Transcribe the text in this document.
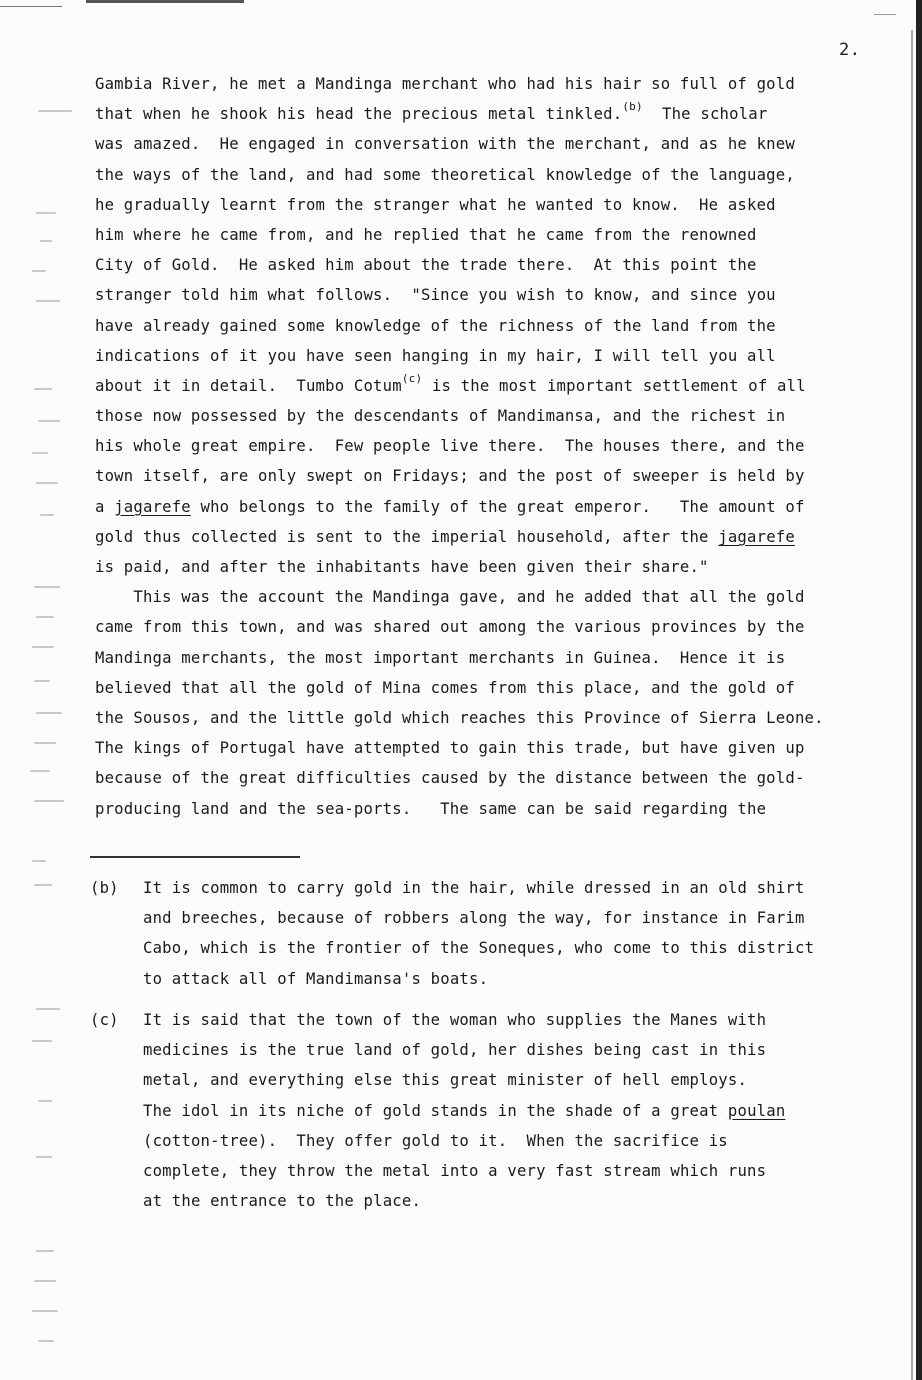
2.
Gambia River, he met a Mandinga merchant who had his hair so full of gold
that when he shook his head the precious metal tinkled.$^{(b)}$  The scholar
was amazed.  He engaged in conversation with the merchant, and as he knew
the ways of the land, and had some theoretical knowledge of the language,
he gradually learnt from the stranger what he wanted to know.  He asked
him where he came from, and he replied that he came from the renowned
City of Gold.  He asked him about the trade there.  At this point the
stranger told him what follows.  "Since you wish to know, and since you
have already gained some knowledge of the richness of the land from the
indications of it you have seen hanging in my hair, I will tell you all
about it in detail.  Tumbo Cotum$^{(c)}$ is the most important settlement of all
those now possessed by the descendants of Mandimansa, and the richest in
his whole great empire.  Few people live there.  The houses there, and the
town itself, are only swept on Fridays; and the post of sweeper is held by
a jagarefe who belongs to the family of the great emperor.   The amount of
gold thus collected is sent to the imperial household, after the jagarefe
is paid, and after the inhabitants have been given their share."
This was the account the Mandinga gave, and he added that all the gold
came from this town, and was shared out among the various provinces by the
Mandinga merchants, the most important merchants in Guinea.  Hence it is
believed that all the gold of Mina comes from this place, and the gold of
the Sousos, and the little gold which reaches this Province of Sierra Leone.
The kings of Portugal have attempted to gain this trade, but have given up
because of the great difficulties caused by the distance between the gold-
producing land and the sea-ports.   The same can be said regarding the
(b) It is common to carry gold in the hair, while dressed in an old shirt
and breeches, because of robbers along the way, for instance in Farim
Cabo, which is the frontier of the Soneques, who come to this district
to attack all of Mandimansa's boats.
(c) It is said that the town of the woman who supplies the Manes with
medicines is the true land of gold, her dishes being cast in this
metal, and everything else this great minister of hell employs.
The idol in its niche of gold stands in the shade of a great poulan
(cotton-tree).  They offer gold to it.  When the sacrifice is
complete, they throw the metal into a very fast stream which runs
at the entrance to the place.
